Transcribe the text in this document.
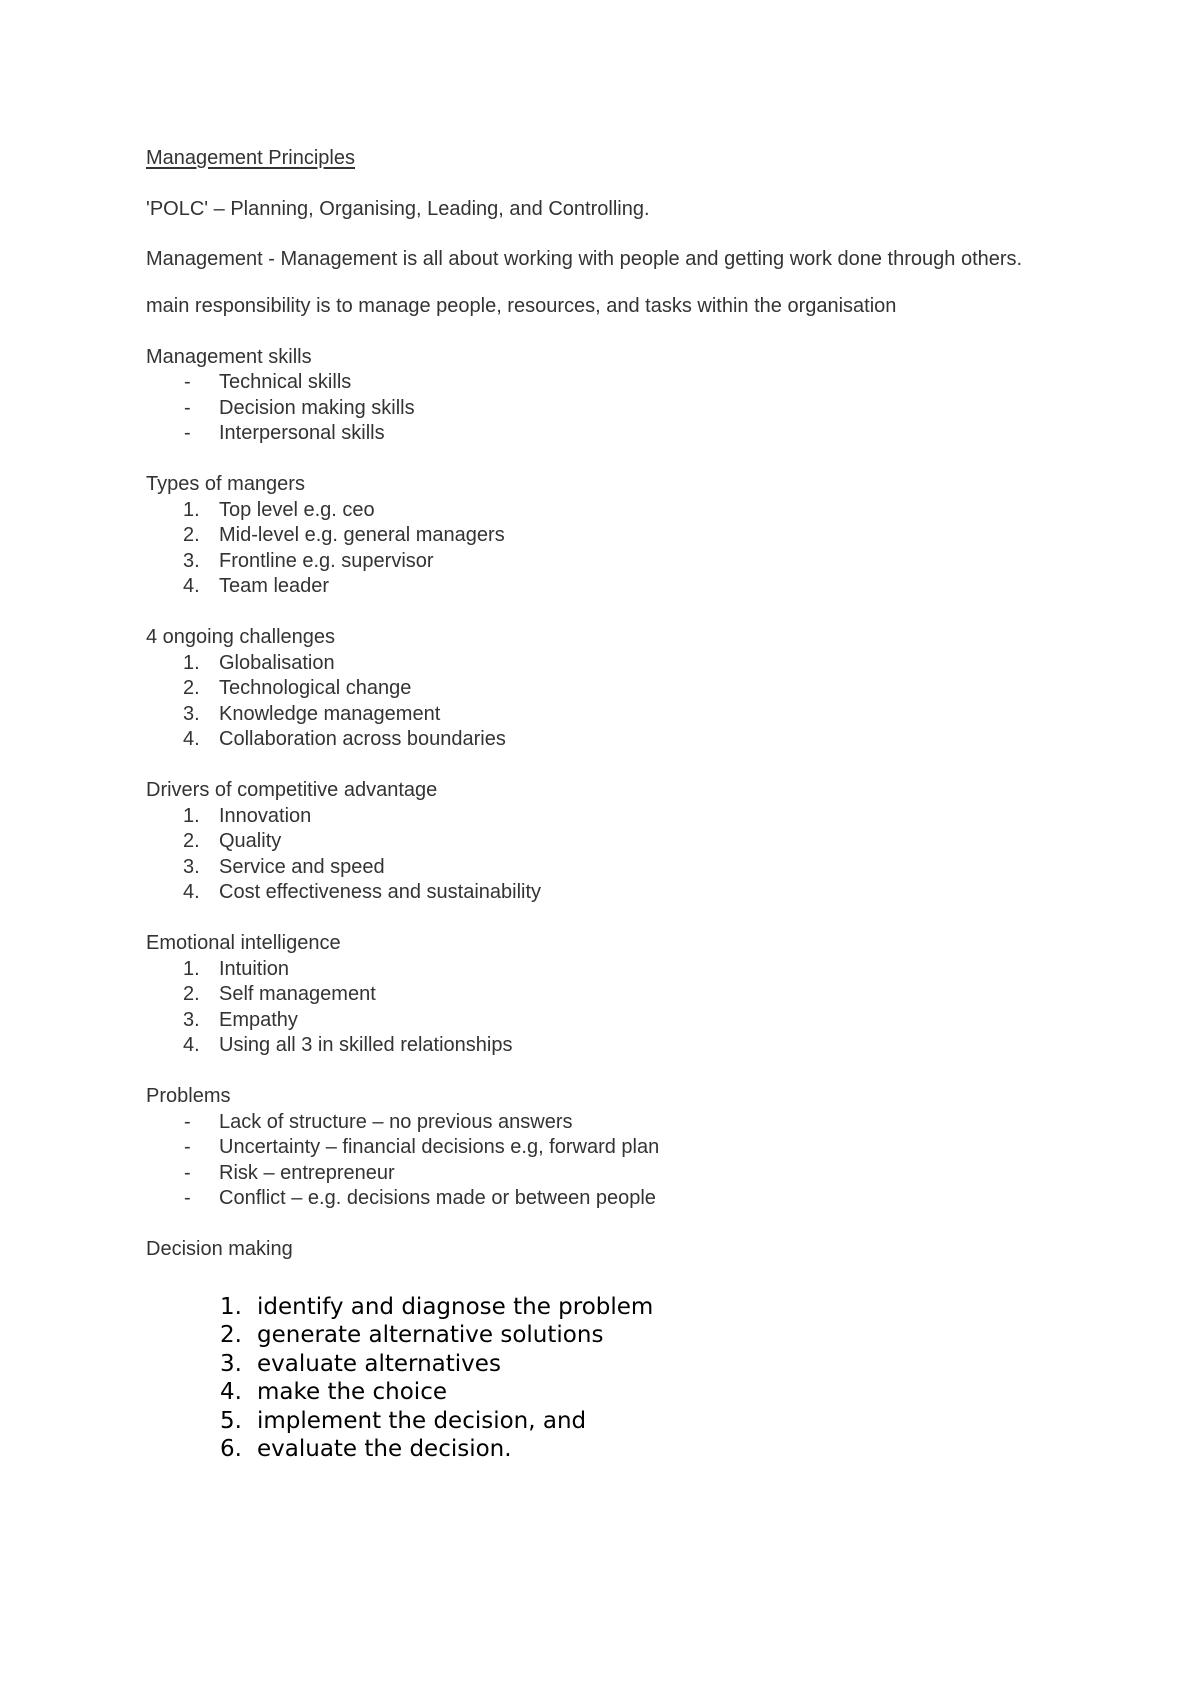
Management Principles

'POLC' – Planning, Organising, Leading, and Controlling.

Management - Management is all about working with people and getting work done through others.

main responsibility is to manage people, resources, and tasks within the organisation

Management skills

- Technical skills
- Decision making skills
- Interpersonal skills

Types of mangers

1. Top level e.g. ceo
2. Mid-level e.g. general managers
3. Frontline e.g. supervisor
4. Team leader

4 ongoing challenges

1. Globalisation
2. Technological change
3. Knowledge management
4. Collaboration across boundaries

Drivers of competitive advantage

1. Innovation
2. Quality
3. Service and speed
4. Cost effectiveness and sustainability

Emotional intelligence

1. Intuition
2. Self management
3. Empathy
4. Using all 3 in skilled relationships

Problems

- Lack of structure – no previous answers
- Uncertainty – financial decisions e.g, forward plan
- Risk – entrepreneur
- Conflict – e.g. decisions made or between people

Decision making

1. identify and diagnose the problem
2. generate alternative solutions
3. evaluate alternatives
4. make the choice
5. implement the decision, and
6. evaluate the decision.
